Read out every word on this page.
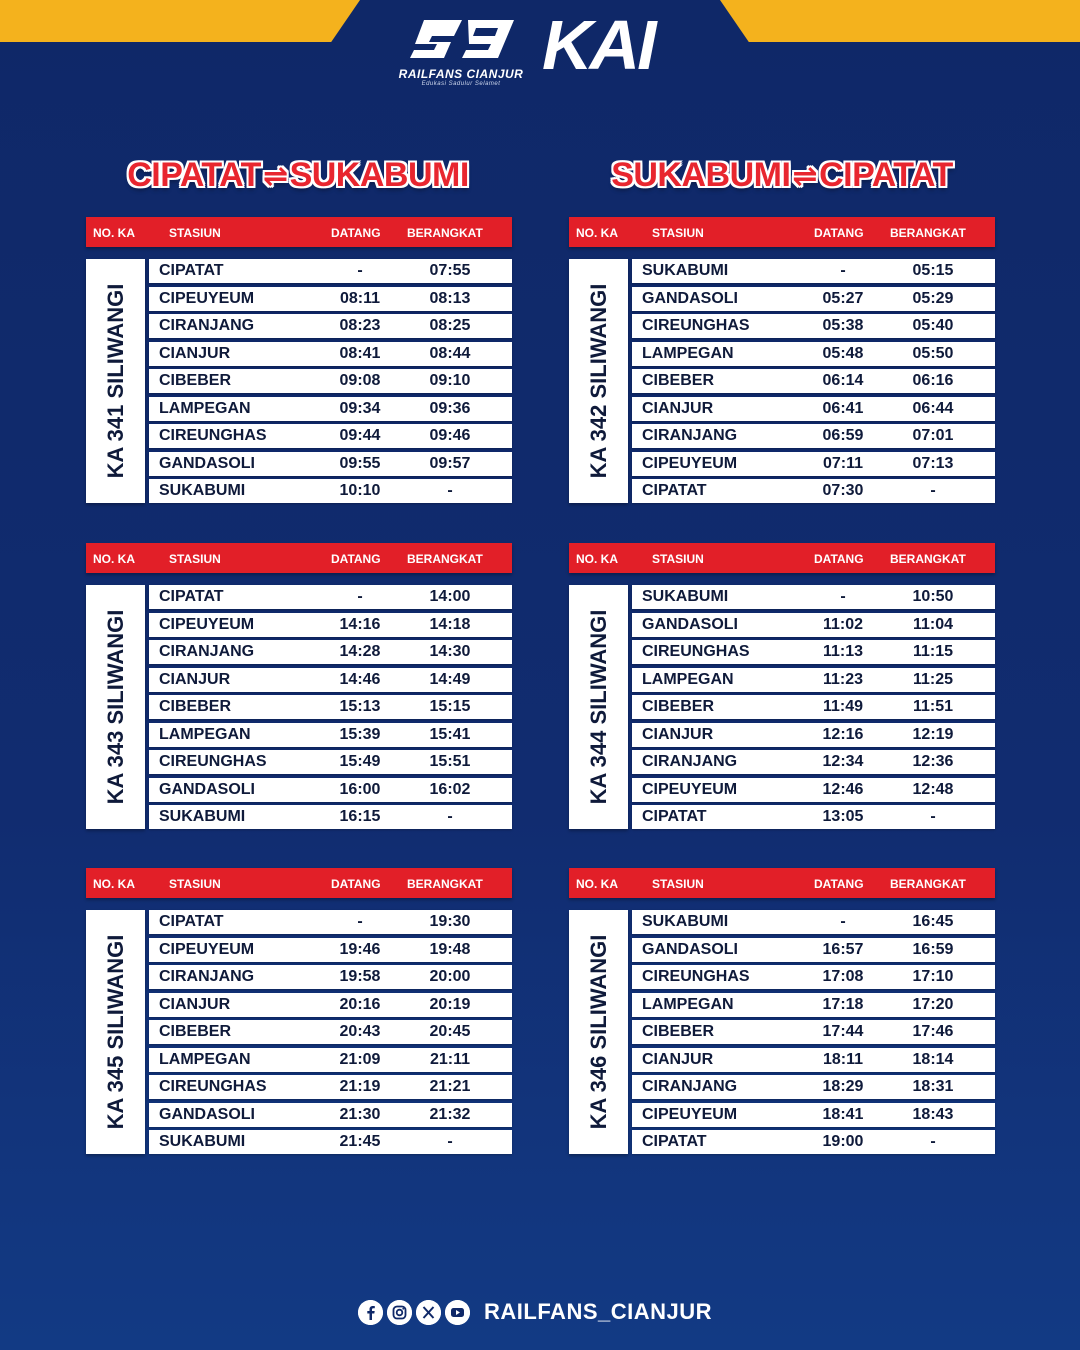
RAILFANS CIANJUR
Edukasi Sadulur Selamet KAI
CIPATAT⇌SUKABUMI	SUKABUMI⇌CIPATAT
NO. KA	STASIUN	DATANG BERANGKAT
KA 341 SILIWANGI
CIPATAT	-	07:55
CIPEUYEUM	08:11	08:13
CIRANJANG	08:23	08:25
CIANJUR	08:41	08:44
CIBEBER	09:08	09:10
LAMPEGAN	09:34	09:36
CIREUNGHAS	09:44	09:46
GANDASOLI	09:55	09:57
SUKABUMI	10:10	-
NO. KA	STASIUN	DATANG BERANGKAT
KA 342 SILIWANGI
SUKABUMI	-	05:15
GANDASOLI	05:27	05:29
CIREUNGHAS	05:38	05:40
LAMPEGAN	05:48	05:50
CIBEBER	06:14	06:16
CIANJUR	06:41	06:44
CIRANJANG	06:59	07:01
CIPEUYEUM	07:11	07:13
CIPATAT	07:30	-
NO. KA	STASIUN	DATANG BERANGKAT
KA 343 SILIWANGI
CIPATAT	-	14:00
CIPEUYEUM	14:16	14:18
CIRANJANG	14:28	14:30
CIANJUR	14:46	14:49
CIBEBER	15:13	15:15
LAMPEGAN	15:39	15:41
CIREUNGHAS	15:49	15:51
GANDASOLI	16:00	16:02
SUKABUMI	16:15	-
NO. KA	STASIUN	DATANG BERANGKAT
KA 344 SILIWANGI
SUKABUMI	-	10:50
GANDASOLI	11:02	11:04
CIREUNGHAS	11:13	11:15
LAMPEGAN	11:23	11:25
CIBEBER	11:49	11:51
CIANJUR	12:16	12:19
CIRANJANG	12:34	12:36
CIPEUYEUM	12:46	12:48
CIPATAT	13:05	-
NO. KA	STASIUN	DATANG BERANGKAT
KA 345 SILIWANGI
CIPATAT	-	19:30
CIPEUYEUM	19:46	19:48
CIRANJANG	19:58	20:00
CIANJUR	20:16	20:19
CIBEBER	20:43	20:45
LAMPEGAN	21:09	21:11
CIREUNGHAS	21:19	21:21
GANDASOLI	21:30	21:32
SUKABUMI	21:45	-
NO. KA	STASIUN	DATANG BERANGKAT
KA 346 SILIWANGI
SUKABUMI	-	16:45
GANDASOLI	16:57	16:59
CIREUNGHAS	17:08	17:10
LAMPEGAN	17:18	17:20
CIBEBER	17:44	17:46
CIANJUR	18:11	18:14
CIRANJANG	18:29	18:31
CIPEUYEUM	18:41	18:43
CIPATAT	19:00	-
RAILFANS_CIANJUR
